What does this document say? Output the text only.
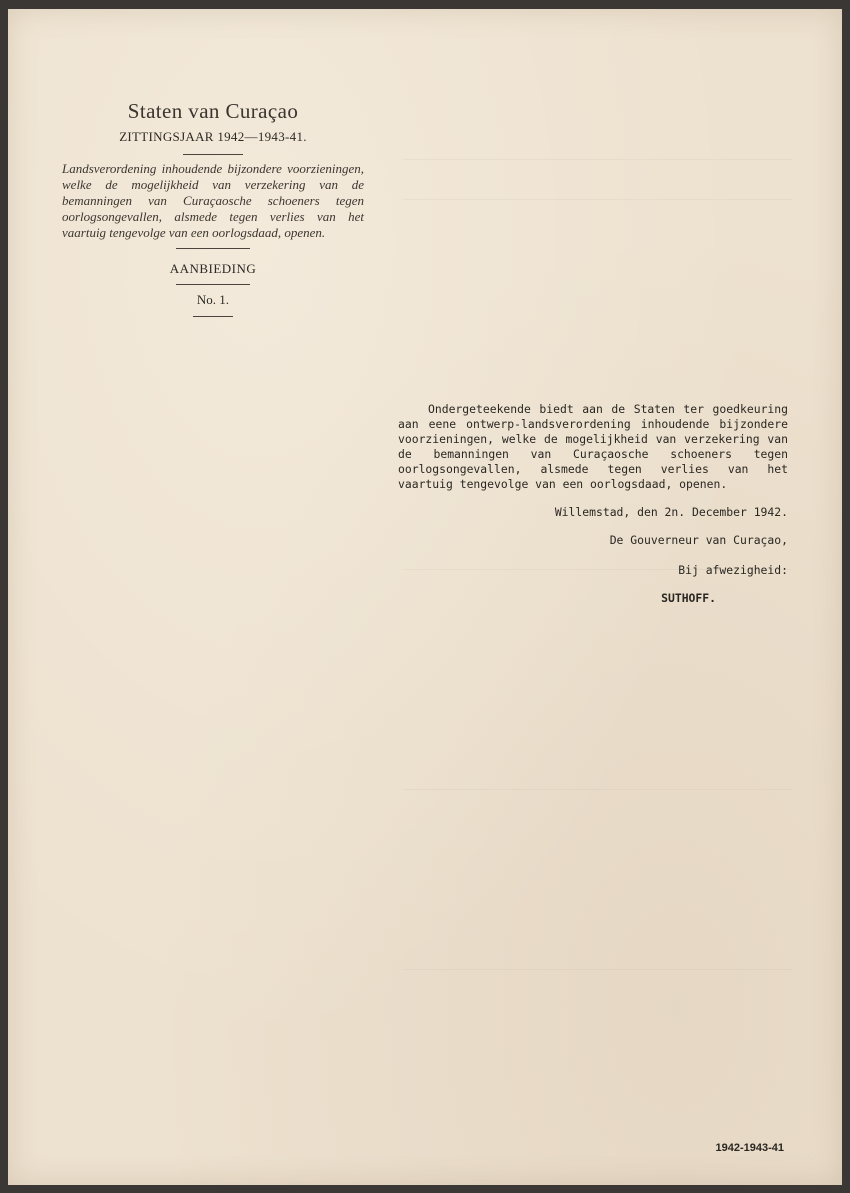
Staten van Curaçao
ZITTINGSJAAR 1942—1943-41.
Landsverordening inhoudende bijzondere voorzieningen, welke de mogelijkheid van verzekering van de bemanningen van Curaçaosche schoeners tegen oorlogsongevallen, alsmede tegen verlies van het vaartuig tengevolge van een oorlogsdaad, openen.
AANBIEDING
No. 1.

Ondergeteekende biedt aan de Staten ter goedkeuring aan eene ontwerp-landsverordening inhoudende bijzondere voorzieningen, welke de mogelijkheid van verzekering van de bemanningen van Curaçaosche schoeners tegen oorlogsongevallen, alsmede tegen verlies van het vaartuig tengevolge van een oorlogsdaad, openen.

Willemstad, den 2n. December 1942.

De Gouverneur van Curaçao,

Bij afwezigheid:

SUTHOFF.

1942-1943-41
